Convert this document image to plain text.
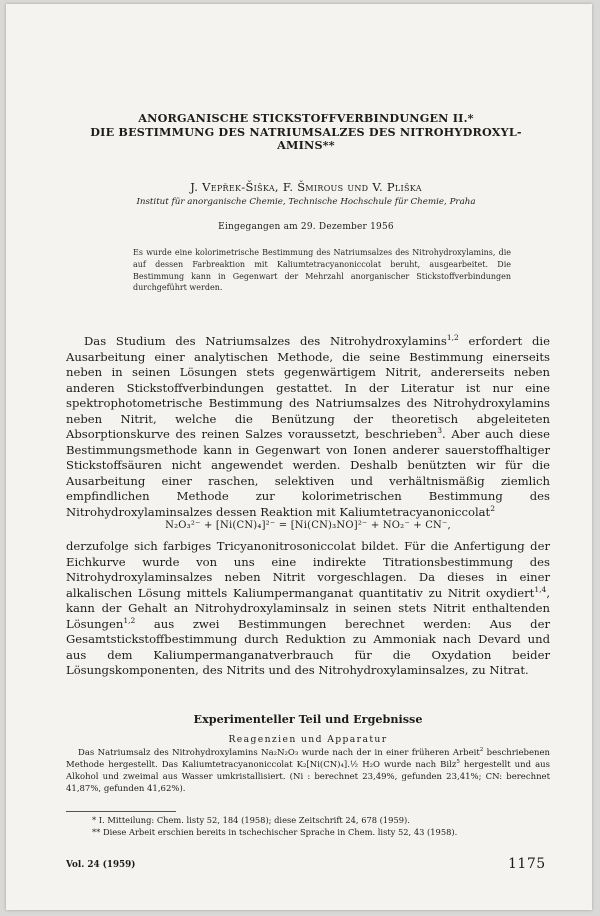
ANORGANISCHE STICKSTOFFVERBINDUNGEN II.*
DIE BESTIMMUNG DES NATRIUMSALZES DES NITROHYDROXYL-
AMINS**
J. Vepřek-Šiška, F. Šmirous und V. Pliška
Institut für anorganische Chemie, Technische Hochschule für Chemie, Praha
Eingegangen am 29. Dezember 1956
Es wurde eine kolorimetrische Bestimmung des Natriumsalzes des Nitrohydroxylamins, die auf dessen Farbreaktion mit Kaliumtetracyanoniccolat beruht, ausgearbeitet. Die Bestimmung kann in Gegenwart der Mehrzahl anorganischer Stickstoffverbindungen durchgeführt werden.
Das Studium des Natriumsalzes des Nitrohydroxylamins$^{1,2}$ erfordert die Ausarbeitung einer analytischen Methode, die seine Bestimmung einerseits neben in seinen Lösungen stets gegenwärtigem Nitrit, andererseits neben anderen Stickstoffverbindungen gestattet. In der Literatur ist nur eine spektrophotometrische Bestimmung des Natriumsalzes des Nitrohydroxylamins neben Nitrit, welche die Benützung der theoretisch abgeleiteten Absorptionskurve des reinen Salzes voraussetzt, beschrieben$^3$. Aber auch diese Bestimmungsmethode kann in Gegenwart von Ionen anderer sauerstoffhaltiger Stickstoffsäuren nicht angewendet werden. Deshalb benützten wir für die Ausarbeitung einer raschen, selektiven und verhältnismäßig ziemlich empfindlichen Methode zur kolorimetrischen Bestimmung des Nitrohydroxylaminsalzes dessen Reaktion mit Kaliumtetracyanoniccolat$^2$
N₂O₃²⁻ + [Ni(CN)₄]²⁻ = [Ni(CN)₃NO]²⁻ + NO₂⁻ + CN⁻,
derzufolge sich farbiges Tricyanonitrosoniccolat bildet. Für die Anfertigung der Eichkurve wurde von uns eine indirekte Titrationsbestimmung des Nitrohydroxylaminsalzes neben Nitrit vorgeschlagen. Da dieses in einer alkalischen Lösung mittels Kaliumpermanganat quantitativ zu Nitrit oxydiert$^{1,4}$, kann der Gehalt an Nitrohydroxylaminsalz in seinen stets Nitrit enthaltenden Lösungen$^{1,2}$ aus zwei Bestimmungen berechnet werden: Aus der Gesamtstickstoffbestimmung durch Reduktion zu Ammoniak nach Devard und aus dem Kaliumpermanganatverbrauch für die Oxydation beider Lösungskomponenten, des Nitrits und des Nitrohydroxylaminsalzes, zu Nitrat.
Experimenteller Teil und Ergebnisse
Reagenzien und Apparatur
Das Natriumsalz des Nitrohydroxylamins Na₂N₂O₃ wurde nach der in einer früheren Arbeit$^2$ beschriebenen Methode hergestellt. Das Kaliumtetracyanoniccolat K₂[Ni(CN)₄].½ H₂O wurde nach Bilz$^5$ hergestellt und aus Alkohol und zweimal aus Wasser umkristallisiert. (Ni : berechnet 23,49%, gefunden 23,41%; CN: berechnet 41,87%, gefunden 41,62%).
* I. Mitteilung: Chem. listy 52, 184 (1958); diese Zeitschrift 24, 678 (1959).
** Diese Arbeit erschien bereits in tschechischer Sprache in Chem. listy 52, 43 (1958).
Vol. 24 (1959)	1175
